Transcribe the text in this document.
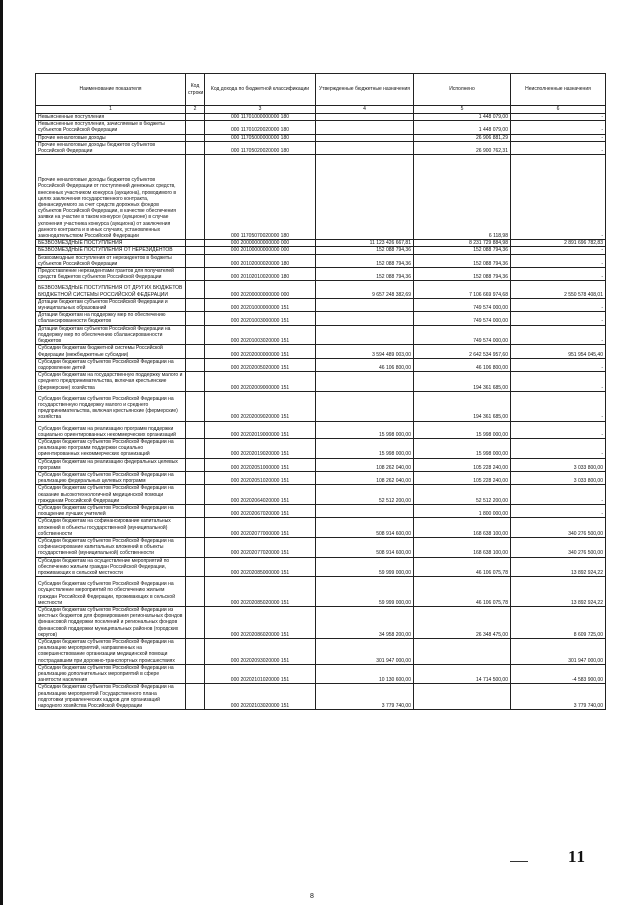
Наименование показателя	Код строки	Код дохода по бюджетной классификации	Утвержденные бюджетные назначения	Исполнено	Неисполненные назначения
1	2	3	4	5	6
Невыясненные поступления		000 11701000000000 180		1 448 079,00	-
Невыясненные поступления, зачисляемые в бюджеты субъектов Российской Федерации		000 11701020020000 180		1 448 079,00	-
Прочие неналоговые доходы		000 11705000000000 180		26 906 881,29	-
Прочие неналоговые доходы бюджетов субъектов Российской Федерации		000 11705020020000 180		26 900 762,31	-
Прочие неналоговые доходы бюджетов субъектов Российской Федерации от поступлений денежных средств, внесенных участником конкурса (аукциона), проводимого в целях заключения государственного контракта, финансируемого за счет средств дорожных фондов субъектов Российской Федерации, в качестве обеспечения заявки на участие в таком конкурсе (аукционе) в случае уклонения участника конкурса (аукциона) от заключения данного контракта и в иных случаях, установленных законодательством Российской Федерации		000 11705070020000 180		6 118,98	-
БЕЗВОЗМЕЗДНЫЕ ПОСТУПЛЕНИЯ		000 20000000000000 000	11 123 426 667,81	8 231 729 884,98	2 891 696 782,83
БЕЗВОЗМЕЗДНЫЕ ПОСТУПЛЕНИЯ ОТ НЕРЕЗИДЕНТОВ		000 20100000000000 000	152 088 794,36	152 088 794,36	-
Безвозмездные поступления от нерезидентов в бюджеты субъектов Российской Федерации		000 20102000020000 180	152 088 794,36	152 088 794,36	-
Предоставление нерезидентами грантов для получателей средств бюджетов субъектов Российской Федерации		000 20102010020000 180	152 088 794,36	152 088 794,36	-
БЕЗВОЗМЕЗДНЫЕ ПОСТУПЛЕНИЯ ОТ ДРУГИХ БЮДЖЕТОВ БЮДЖЕТНОЙ СИСТЕМЫ РОССИЙСКОЙ ФЕДЕРАЦИИ		000 20200000000000 000	9 657 248 382,69	7 106 669 974,68	2 550 578 408,01
Дотации бюджетам субъектов Российской Федерации и муниципальных образований		000 20201000000000 151		749 574 000,00	-
Дотации бюджетам на поддержку мер по обеспечению сбалансированности бюджетов		000 20201003000000 151		749 574 000,00	-
Дотации бюджетам субъектов Российской Федерации на поддержку мер по обеспечению сбалансированности бюджетов		000 20201003020000 151		749 574 000,00	-
Субсидии бюджетам бюджетной системы Российской Федерации (межбюджетные субсидии)		000 20202000000000 151	3 594 489 003,00	2 642 534 957,60	951 954 045,40
Субсидии бюджетам субъектов Российской Федерации на оздоровление детей		000 20202005020000 151	46 106 800,00	46 106 800,00	-
Субсидии бюджетам на государственную поддержку малого и среднего предпринимательства, включая крестьянские (фермерские) хозяйства		000 20202009000000 151		194 361 685,00	-
Субсидии бюджетам субъектов Российской Федерации на государственную поддержку малого и среднего предпринимательства, включая крестьянские (фермерские) хозяйства		000 20202009020000 151		194 361 685,00	-
Субсидии бюджетам на реализацию программ поддержки социально ориентированных некоммерческих организаций		000 20202019000000 151	15 998 000,00	15 998 000,00	-
Субсидии бюджетам субъектов Российской Федерации на реализацию программ поддержки социально ориентированных некоммерческих организаций		000 20202019020000 151	15 998 000,00	15 998 000,00	-
Субсидии бюджетам на реализацию федеральных целевых программ		000 20202051000000 151	108 262 040,00	105 228 240,00	3 033 800,00
Субсидии бюджетам субъектов Российской Федерации на реализацию федеральных целевых программ		000 20202051020000 151	108 262 040,00	105 228 240,00	3 033 800,00
Субсидии бюджетам субъектов Российской Федерации на оказание высокотехнологичной медицинской помощи гражданам Российской Федерации		000 20202064020000 151	52 512 200,00	52 512 200,00	-
Субсидии бюджетам субъектов Российской Федерации на поощрение лучших учителей		000 20202067020000 151		1 800 000,00	-
Субсидии бюджетам на софинансирование капитальных вложений в объекты государственной (муниципальной) собственности		000 20202077000000 151	508 914 600,00	168 638 100,00	340 276 500,00
Субсидии бюджетам субъектов Российской Федерации на софинансирование капитальных вложений в объекты государственной (муниципальной) собственности		000 20202077020000 151	508 914 600,00	168 638 100,00	340 276 500,00
Субсидии бюджетам на осуществление мероприятий по обеспечению жильем граждан Российской Федерации, проживающих в сельской местности		000 20202085000000 151	59 999 000,00	46 106 075,78	13 892 924,22
Субсидии бюджетам субъектов Российской Федерации на осуществление мероприятий по обеспечению жильем граждан Российской Федерации, проживающих в сельской местности		000 20202085020000 151	59 999 000,00	46 106 075,78	13 892 924,22
Субсидии бюджетам субъектов Российской Федерации из местных бюджетов для формирования региональных фондов финансовой поддержки поселений и региональных фондов финансовой поддержки муниципальных районов (городских округов)		000 20202086020000 151	34 958 200,00	26 348 475,00	8 609 725,00
Субсидии бюджетам субъектов Российской Федерации на реализацию мероприятий, направленных на совершенствование организации медицинской помощи пострадавшим при дорожно-транспортных происшествиях		000 20202093020000 151	301 947 000,00		301 947 000,00
Субсидии бюджетам субъектов Российской Федерации на реализацию дополнительных мероприятий в сфере занятости населения		000 20202101020000 151	10 130 600,00	14 714 500,00	-4 583 900,00
Субсидии бюджетам субъектов Российской Федерации на реализацию мероприятий Государственного плана подготовки управленческих кадров для организаций народного хозяйства Российской Федерации		000 20202103020000 151	3 779 740,00		3 779 740,00
11
8
